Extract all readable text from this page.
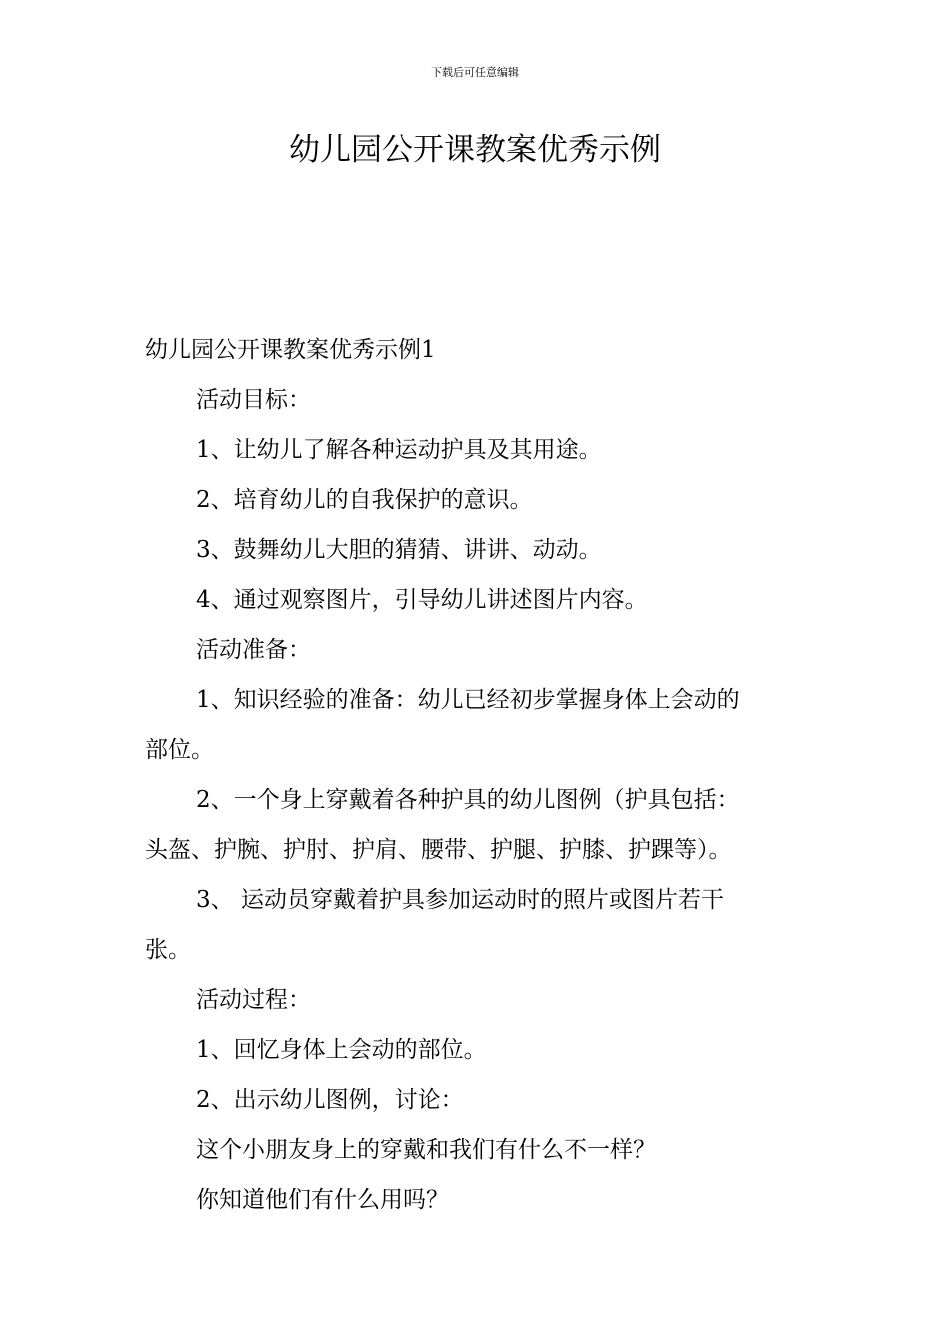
下载后可任意编辑
幼儿园公开课教案优秀示例
幼儿园公开课教案优秀示例1
活动目标：
1、让幼儿了解各种运动护具及其用途。
2、培育幼儿的自我保护的意识。
3、鼓舞幼儿大胆的猜猜、讲讲、动动。
4、通过观察图片，引导幼儿讲述图片内容。
活动准备：
1、知识经验的准备：幼儿已经初步掌握身体上会动的
部位。
2、一个身上穿戴着各种护具的幼儿图例（护具包括：
头盔、护腕、护肘、护肩、腰带、护腿、护膝、护踝等）。
3、 运动员穿戴着护具参加运动时的照片或图片若干
张。
活动过程：
1、回忆身体上会动的部位。
2、出示幼儿图例，讨论：
这个小朋友身上的穿戴和我们有什么不一样？
你知道他们有什么用吗？
